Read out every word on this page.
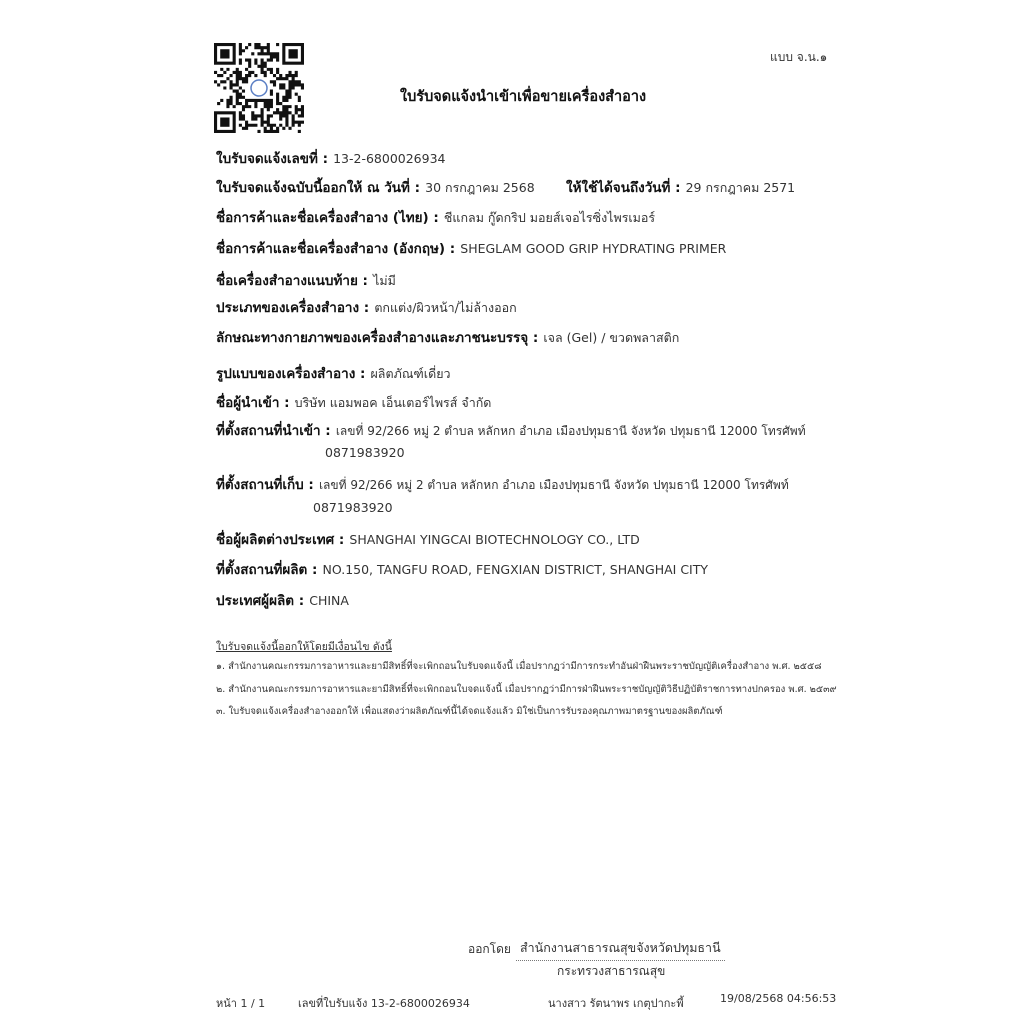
แบบ จ.น.๑
ใบรับจดแจ้งนำเข้าเพื่อขายเครื่องสำอาง
ใบรับจดแจ้งเลขที่ : 13-2-6800026934
ใบรับจดแจ้งฉบับนี้ออกให้ ณ วันที่ : 30 กรกฎาคม 2568 ให้ใช้ได้จนถึงวันที่ : 29 กรกฎาคม 2571
ชื่อการค้าและชื่อเครื่องสำอาง (ไทย) : ชีแกลม กู๊ดกริป มอยส์เจอไรซิ่งไพรเมอร์
ชื่อการค้าและชื่อเครื่องสำอาง (อังกฤษ) : SHEGLAM GOOD GRIP HYDRATING PRIMER
ชื่อเครื่องสำอางแนบท้าย : ไม่มี
ประเภทของเครื่องสำอาง : ตกแต่ง/ผิวหน้า/ไม่ล้างออก
ลักษณะทางกายภาพของเครื่องสำอางและภาชนะบรรจุ : เจล (Gel) / ขวดพลาสติก
รูปแบบของเครื่องสำอาง : ผลิตภัณฑ์เดี่ยว
ชื่อผู้นำเข้า : บริษัท แอมพอค เอ็นเตอร์ไพรส์ จำกัด
ที่ตั้งสถานที่นำเข้า : เลขที่ 92/266 หมู่ 2 ตำบล หลักหก อำเภอ เมืองปทุมธานี จังหวัด ปทุมธานี 12000 โทรศัพท์
0871983920
ที่ตั้งสถานที่เก็บ : เลขที่ 92/266 หมู่ 2 ตำบล หลักหก อำเภอ เมืองปทุมธานี จังหวัด ปทุมธานี 12000 โทรศัพท์
0871983920
ชื่อผู้ผลิตต่างประเทศ : SHANGHAI YINGCAI BIOTECHNOLOGY CO., LTD
ที่ตั้งสถานที่ผลิต : NO.150, TANGFU ROAD, FENGXIAN DISTRICT, SHANGHAI CITY
ประเทศผู้ผลิต : CHINA
ใบรับจดแจ้งนี้ออกให้โดยมีเงื่อนไข ดังนี้
๑. สำนักงานคณะกรรมการอาหารและยามีสิทธิ์ที่จะเพิกถอนใบรับจดแจ้งนี้ เมื่อปรากฏว่ามีการกระทำอันฝ่าฝืนพระราชบัญญัติเครื่องสำอาง พ.ศ. ๒๕๕๘
๒. สำนักงานคณะกรรมการอาหารและยามีสิทธิ์ที่จะเพิกถอนใบจดแจ้งนี้ เมื่อปรากฏว่ามีการฝ่าฝืนพระราชบัญญัติวิธีปฏิบัติราชการทางปกครอง พ.ศ. ๒๕๓๙
๓. ใบรับจดแจ้งเครื่องสำอางออกให้ เพื่อแสดงว่าผลิตภัณฑ์นี้ได้จดแจ้งแล้ว มิใช่เป็นการรับรองคุณภาพมาตรฐานของผลิตภัณฑ์
ออกโดย สำนักงานสาธารณสุขจังหวัดปทุมธานี
กระทรวงสาธารณสุข
หน้า 1 / 1	เลขที่ใบรับแจ้ง 13-2-6800026934	นางสาว รัตนาพร เกตุปากะพี้	19/08/2568 04:56:53
